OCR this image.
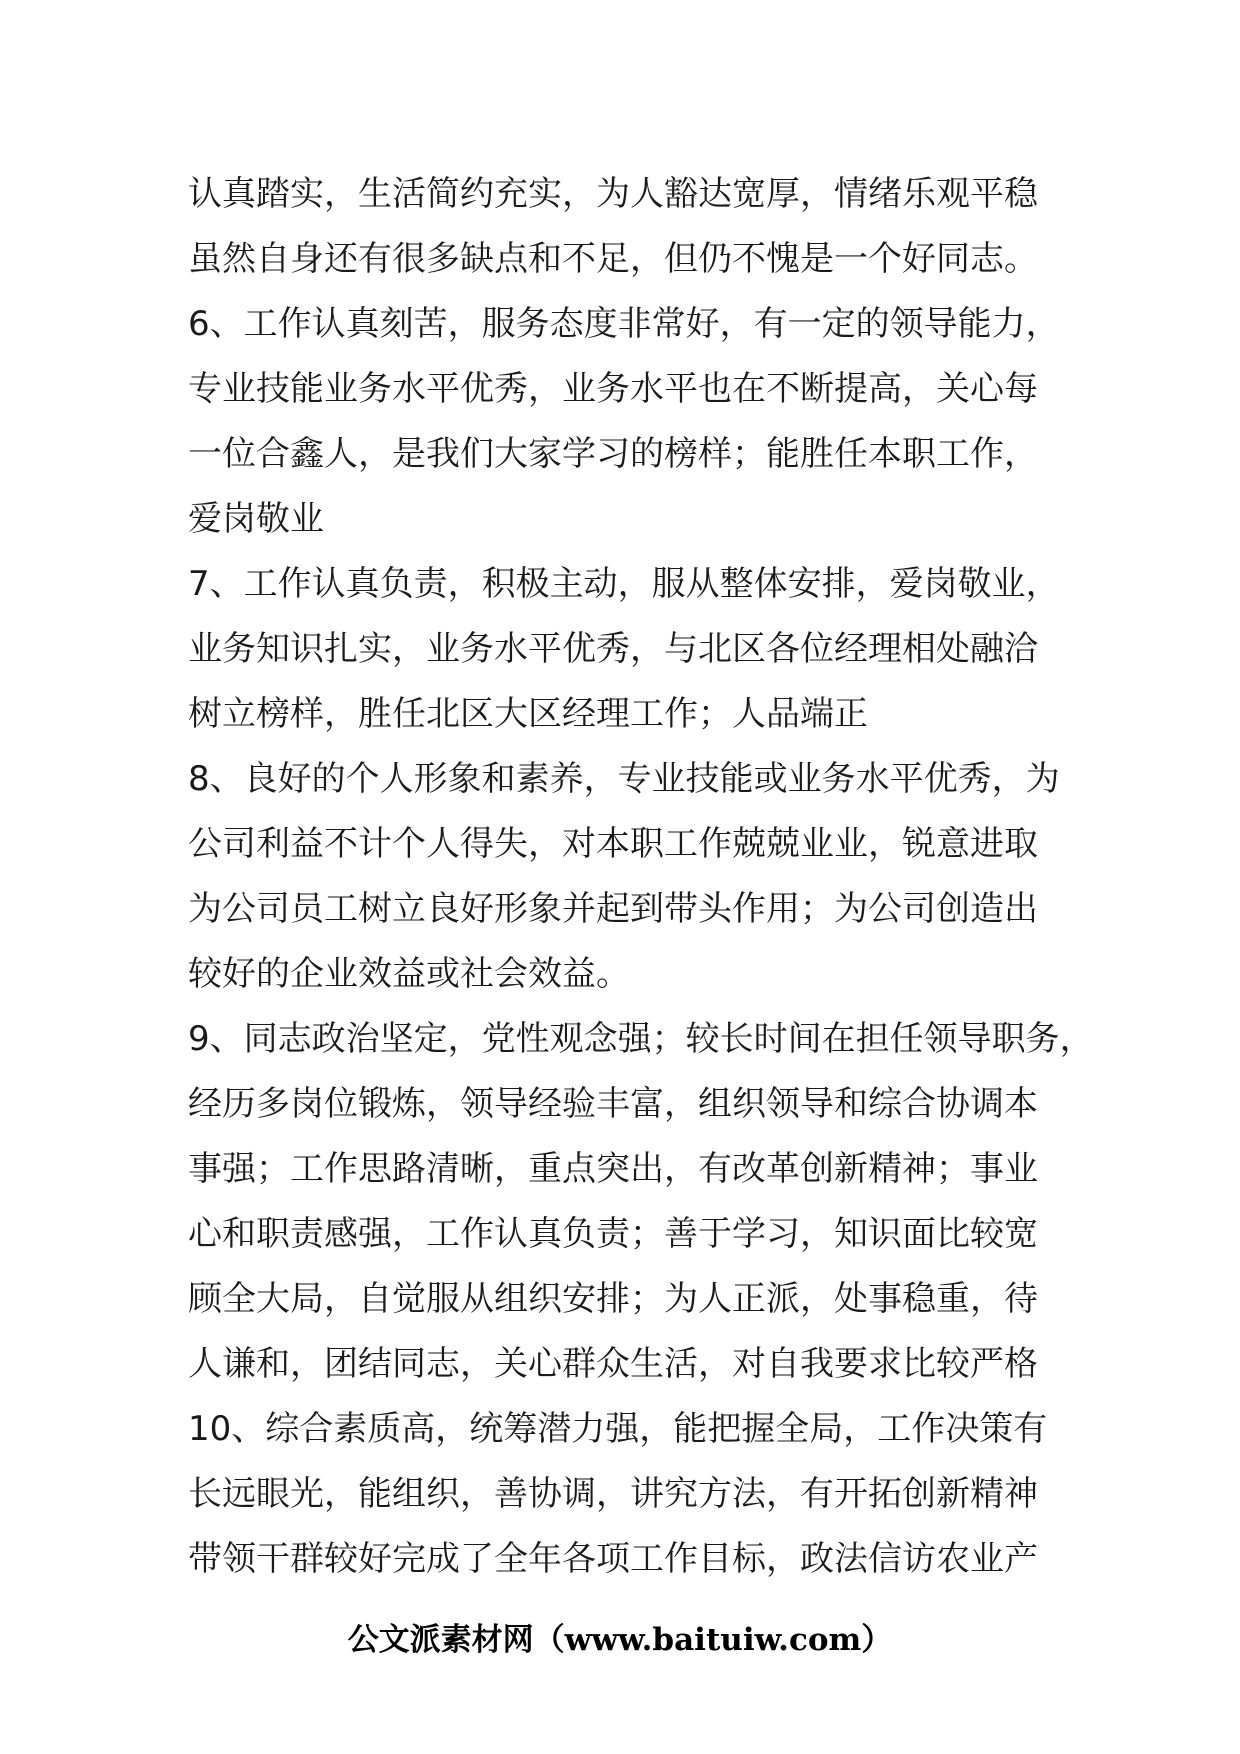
认真踏实，生活简约充实，为人豁达宽厚，情绪乐观平稳
虽然自身还有很多缺点和不足，但仍不愧是一个好同志。
6、工作认真刻苦，服务态度非常好，有一定的领导能力，
专业技能业务水平优秀，业务水平也在不断提高，关心每
一位合鑫人，是我们大家学习的榜样；能胜任本职工作，
爱岗敬业
7、工作认真负责，积极主动，服从整体安排，爱岗敬业，
业务知识扎实，业务水平优秀，与北区各位经理相处融洽
树立榜样，胜任北区大区经理工作；人品端正
8、良好的个人形象和素养，专业技能或业务水平优秀，为
公司利益不计个人得失，对本职工作兢兢业业，锐意进取
为公司员工树立良好形象并起到带头作用；为公司创造出
较好的企业效益或社会效益。
9、同志政治坚定，党性观念强；较长时间在担任领导职务，
经历多岗位锻炼，领导经验丰富，组织领导和综合协调本
事强；工作思路清晰，重点突出，有改革创新精神；事业
心和职责感强，工作认真负责；善于学习，知识面比较宽
顾全大局，自觉服从组织安排；为人正派，处事稳重，待
人谦和，团结同志，关心群众生活，对自我要求比较严格
10、综合素质高，统筹潜力强，能把握全局，工作决策有
长远眼光，能组织，善协调，讲究方法，有开拓创新精神
带领干群较好完成了全年各项工作目标，政法信访农业产
公文派素材网（www.baituiw.com）
